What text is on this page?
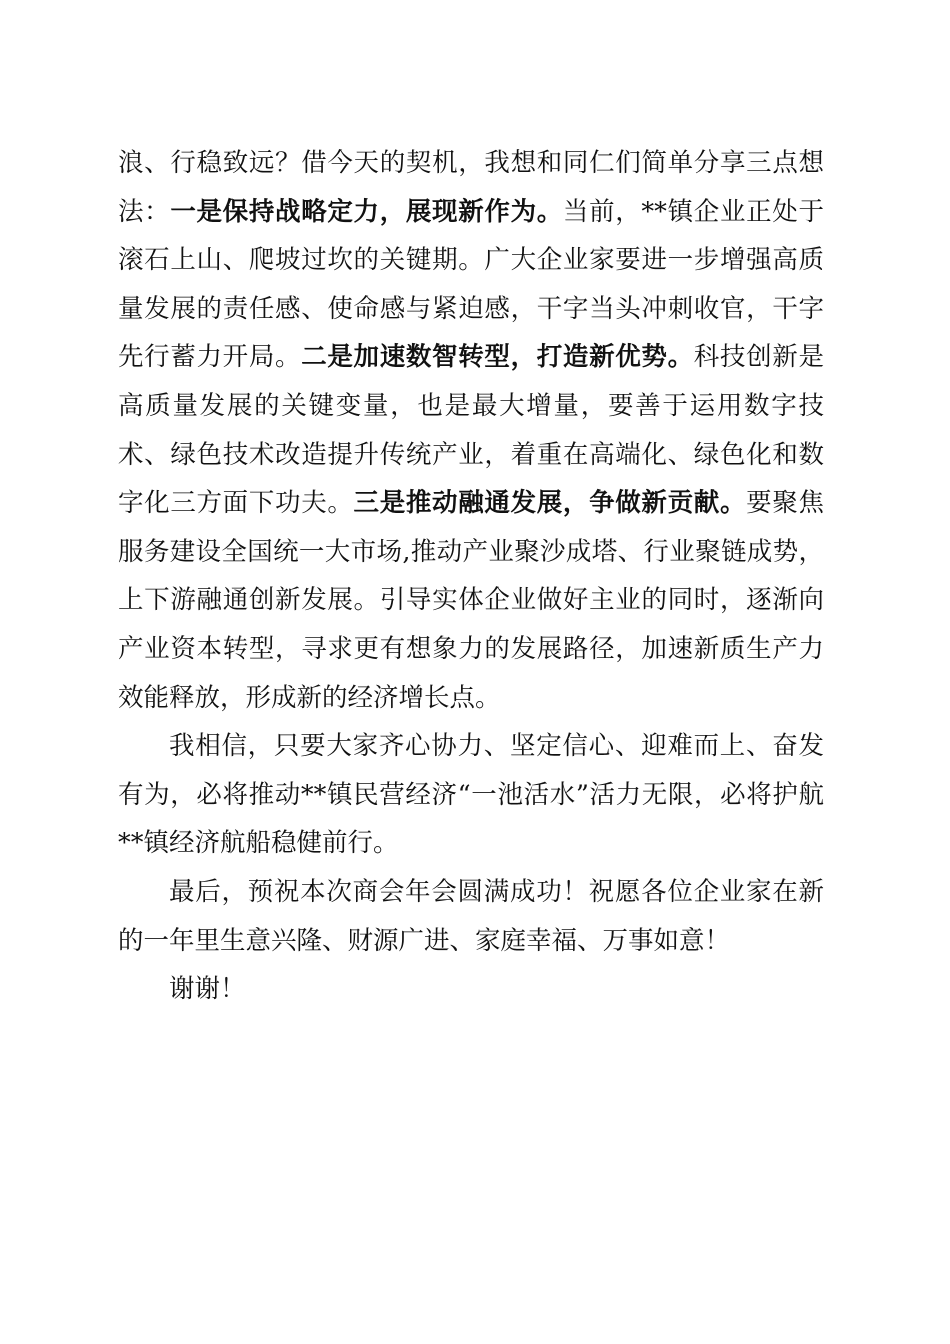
浪、行稳致远？借今天的契机，我想和同仁们简单分享三点想法：一是保持战略定力，展现新作为。当前，**镇企业正处于滚石上山、爬坡过坎的关键期。广大企业家要进一步增强高质量发展的责任感、使命感与紧迫感，干字当头冲刺收官，干字先行蓄力开局。二是加速数智转型，打造新优势。科技创新是高质量发展的关键变量，也是最大增量，要善于运用数字技术、绿色技术改造提升传统产业，着重在高端化、绿色化和数字化三方面下功夫。三是推动融通发展，争做新贡献。要聚焦服务建设全国统一大市场,推动产业聚沙成塔、行业聚链成势，上下游融通创新发展。引导实体企业做好主业的同时，逐渐向产业资本转型，寻求更有想象力的发展路径，加速新质生产力效能释放，形成新的经济增长点。

我相信，只要大家齐心协力、坚定信心、迎难而上、奋发有为，必将推动**镇民营经济“一池活水”活力无限，必将护航**镇经济航船稳健前行。

最后，预祝本次商会年会圆满成功！祝愿各位企业家在新的一年里生意兴隆、财源广进、家庭幸福、万事如意！

谢谢！
